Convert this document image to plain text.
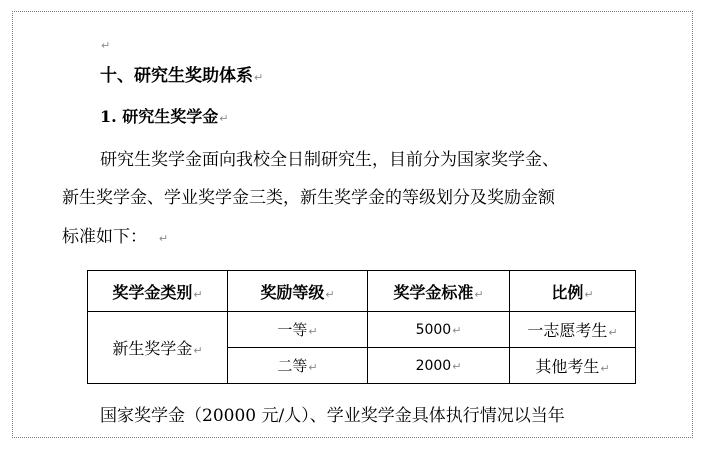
↵
十、研究生奖助体系↵
1. 研究生奖学金↵
研究生奖学金面向我校全日制研究生，目前分为国家奖学金、
新生奖学金、学业奖学金三类，新生奖学金的等级划分及奖励金额
标准如下： ↵
奖学金类别↵	奖励等级↵	奖学金标准↵	比例↵
新生奖学金↵	一等↵	5000↵	一志愿考生↵
	二等↵	2000↵	其他考生↵
国家奖学金（20000 元/人）、学业奖学金具体执行情况以当年
